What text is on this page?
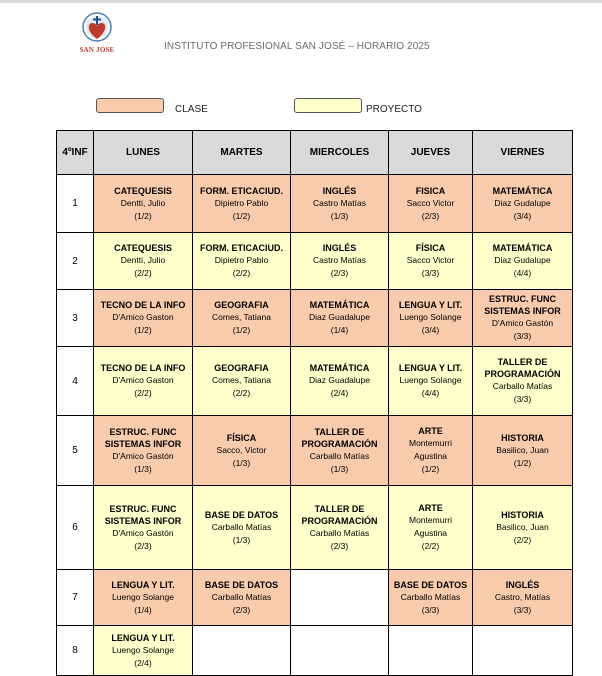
SAN JOSE	INSTITUTO PROFESIONAL SAN JOSÉ – HORARIO 2025
CLASE	PROYECTO
4ºINF	LUNES	MARTES	MIERCOLES	JUEVES	VIERNES
1	CATEQUESIS
Dentti, Julio
(1/2)	FORM. ETICACIUD.
Dipietro Pablo
(1/2)	INGLÉS
Castro Matías
(1/3)	FISICA
Sacco Victor
(2/3)	MATEMÁTICA
Diaz Gudalupe
(3/4)

2	CATEQUESIS
Dentti, Julio
(2/2)	FORM. ETICACIUD.
Dipietro Pablo
(2/2)	INGLÉS
Castro Matías
(2/3)	FÍSICA
Sacco Victor
(3/3)	MATEMÁTICA
Diaz Gudalupe
(4/4)

3	TECNO DE LA INFO
D'Amico Gaston
(1/2)	GEOGRAFIA
Comes, Tatiana
(1/2)	MATEMÁTICA
Diaz Guadalupe
(1/4)	LENGUA Y LIT.
Luengo Solange
(3/4)	ESTRUC. FUNC
SISTEMAS INFOR
D'Amico Gastón
(3/3)

4	TECNO DE LA INFO
D'Amico Gaston
(2/2)	GEOGRAFIA
Comes, Tatiana
(2/2)	MATEMÁTICA
Diaz Guadalupe
(2/4)	LENGUA Y LIT.
Luengo Solange
(4/4)	TALLER DE
PROGRAMACIÓN
Carballo Matías
(3/3)

5	ESTRUC. FUNC
SISTEMAS INFOR
D'Amico Gastón
(1/3)	FÍSICA
Sacco, Victor
(1/3)	TALLER DE
PROGRAMACIÓN
Carballo Matías
(1/3)	ARTE
Montemurri
Agustina
(1/2)	HISTORIA
Basilico, Juan
(1/2)

6	ESTRUC. FUNC
SISTEMAS INFOR
D'Amico Gastón
(2/3)	BASE DE DATOS
Carballo Matías
(1/3)	TALLER DE
PROGRAMACIÓN
Carballo Matías
(2/3)	ARTE
Montemurri
Agustina
(2/2)	HISTORIA
Basilico, Juan
(2/2)

7	LENGUA Y LIT.
Luengo Solange
(1/4)	BASE DE DATOS
Carballo Matías
(2/3)		BASE DE DATOS
Carballo Matías
(3/3)	INGLÉS
Castro, Matías
(3/3)

8	LENGUA Y LIT.
Luengo Solange
(2/4)				
